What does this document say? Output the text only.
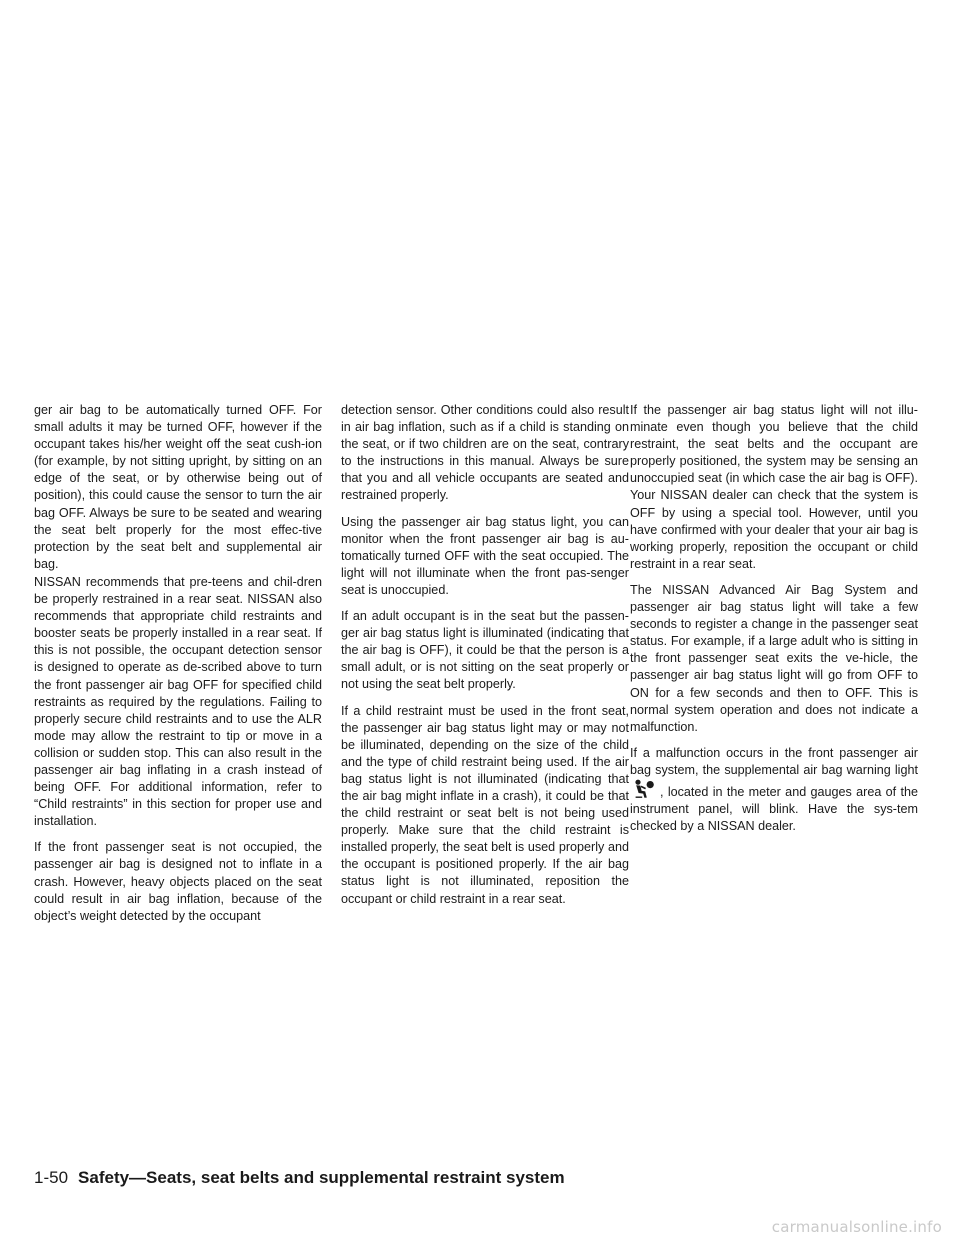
ger air bag to be automatically turned OFF. For small adults it may be turned OFF, however if the occupant takes his/her weight off the seat cush-ion (for example, by not sitting upright, by sitting on an edge of the seat, or by otherwise being out of position), this could cause the sensor to turn the air bag OFF. Always be sure to be seated and wearing the seat belt properly for the most effec-tive protection by the seat belt and supplemental air bag.

NISSAN recommends that pre-teens and chil-dren be properly restrained in a rear seat. NISSAN also recommends that appropriate child restraints and booster seats be properly installed in a rear seat. If this is not possible, the occupant detection sensor is designed to operate as de-scribed above to turn the front passenger air bag OFF for specified child restraints as required by the regulations. Failing to properly secure child restraints and to use the ALR mode may allow the restraint to tip or move in a collision or sudden stop. This can also result in the passenger air bag inflating in a crash instead of being OFF. For additional information, refer to “Child restraints” in this section for proper use and installation.

If the front passenger seat is not occupied, the passenger air bag is designed not to inflate in a crash. However, heavy objects placed on the seat could result in air bag inflation, because of the object’s weight detected by the occupant

detection sensor. Other conditions could also result in air bag inflation, such as if a child is standing on the seat, or if two children are on the seat, contrary to the instructions in this manual. Always be sure that you and all vehicle occupants are seated and restrained properly.

Using the passenger air bag status light, you can monitor when the front passenger air bag is au-tomatically turned OFF with the seat occupied. The light will not illuminate when the front pas-senger seat is unoccupied.

If an adult occupant is in the seat but the passen-ger air bag status light is illuminated (indicating that the air bag is OFF), it could be that the person is a small adult, or is not sitting on the seat properly or not using the seat belt properly.

If a child restraint must be used in the front seat, the passenger air bag status light may or may not be illuminated, depending on the size of the child and the type of child restraint being used. If the air bag status light is not illuminated (indicating that the air bag might inflate in a crash), it could be that the child restraint or seat belt is not being used properly. Make sure that the child restraint is installed properly, the seat belt is used properly and the occupant is positioned properly. If the air bag status light is not illuminated, reposition the occupant or child restraint in a rear seat.

If the passenger air bag status light will not illu-minate even though you believe that the child restraint, the seat belts and the occupant are properly positioned, the system may be sensing an unoccupied seat (in which case the air bag is OFF). Your NISSAN dealer can check that the system is OFF by using a special tool. However, until you have confirmed with your dealer that your air bag is working properly, reposition the occupant or child restraint in a rear seat.

The NISSAN Advanced Air Bag System and passenger air bag status light will take a few seconds to register a change in the passenger seat status. For example, if a large adult who is sitting in the front passenger seat exits the ve-hicle, the passenger air bag status light will go from OFF to ON for a few seconds and then to OFF. This is normal system operation and does not indicate a malfunction.

If a malfunction occurs in the front passenger air bag system, the supplemental air bag warning light, located in the meter and gauges area of the instrument panel, will blink. Have the sys-tem checked by a NISSAN dealer.

1-50 Safety—Seats, seat belts and supplemental restraint system
carmanualsonline.info
